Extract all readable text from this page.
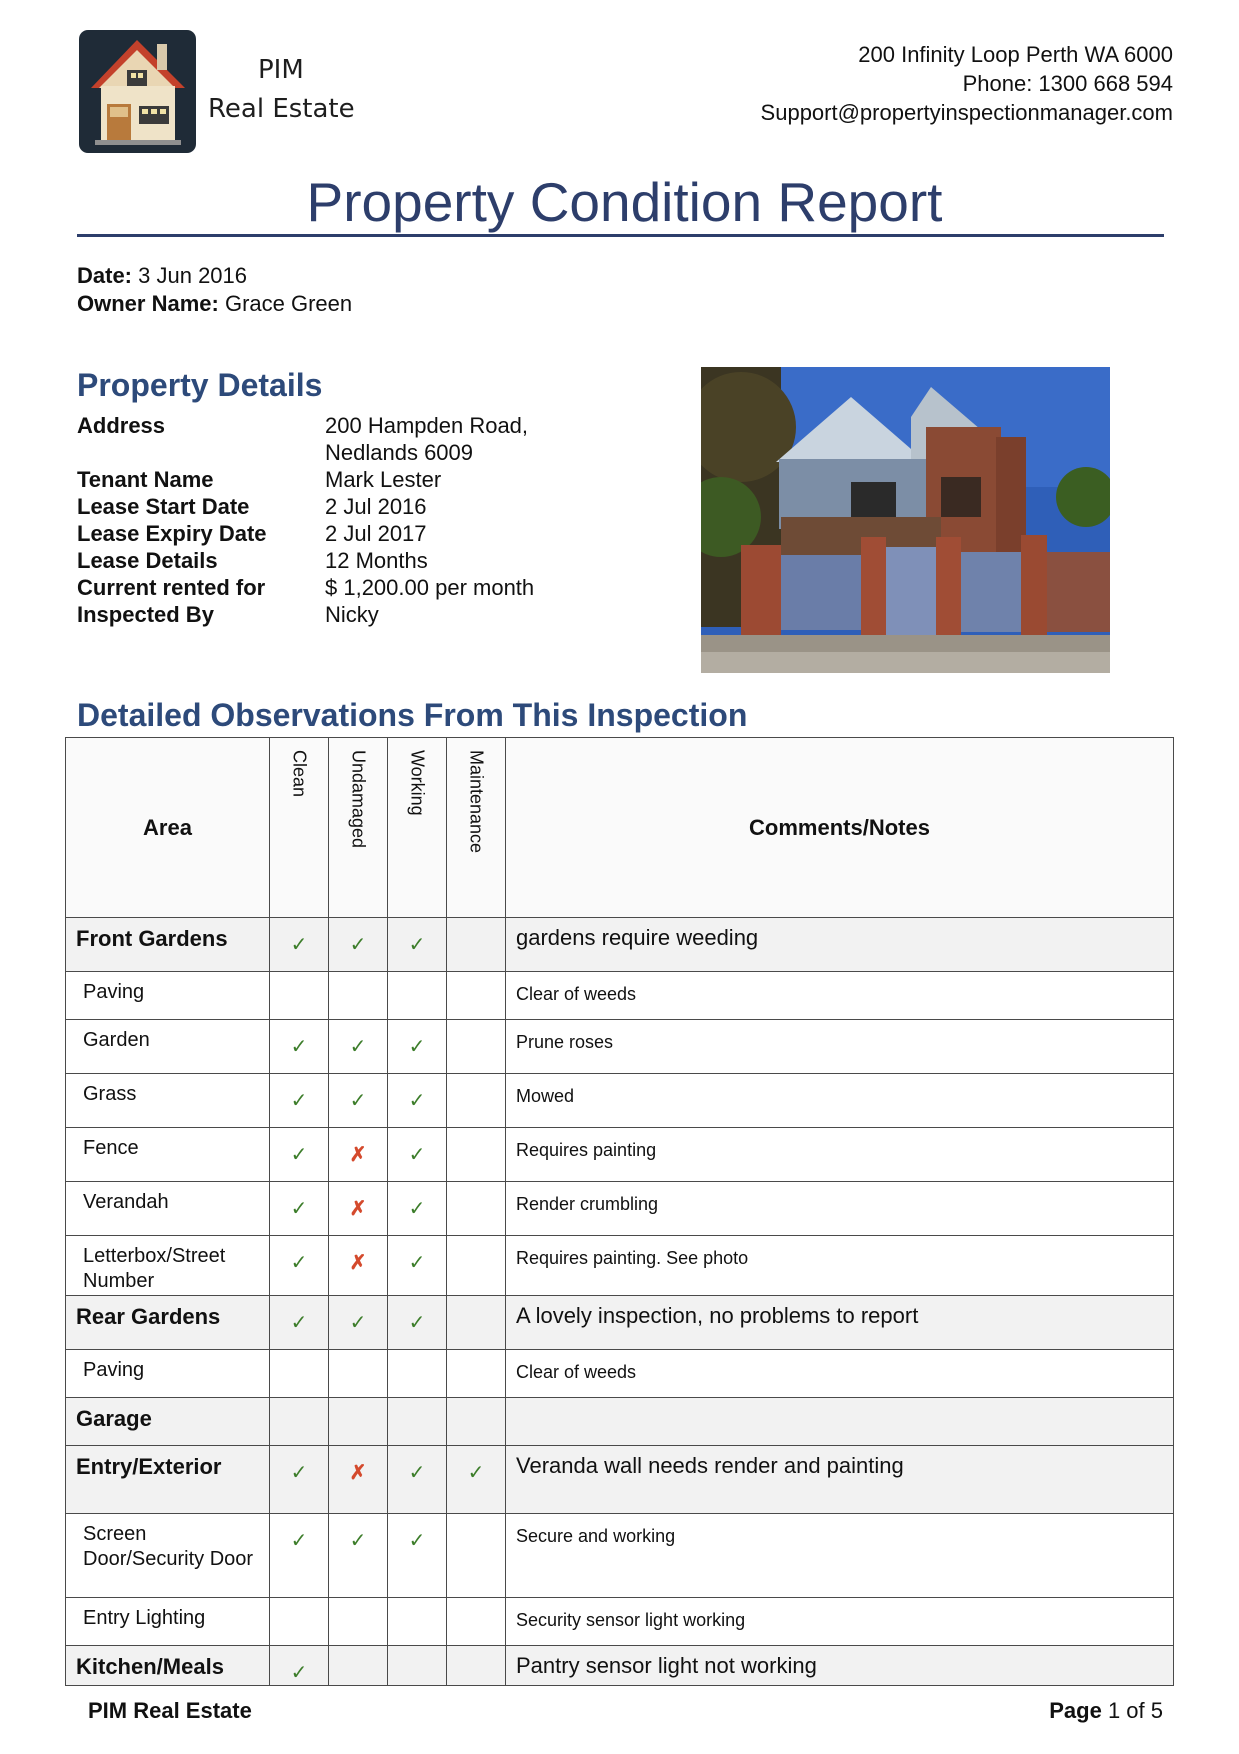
PIM
Real Estate
200 Infinity Loop Perth WA 6000
Phone: 1300 668 594
Support@propertyinspectionmanager.com
Property Condition Report
Date: 3 Jun 2016
Owner Name: Grace Green
Property Details
Address	200 Hampden Road,
Nedlands 6009
Tenant Name	Mark Lester
Lease Start Date	2 Jul 2016
Lease Expiry Date	2 Jul 2017
Lease Details	12 Months
Current rented for	$ 1,200.00 per month
Inspected By	Nicky
Detailed Observations From This Inspection
Area	Clean	Undamaged	Working	Maintenance	Comments/Notes
Front Gardens	✓	✓	✓		gardens require weeding
Paving					Clear of weeds
Garden	✓	✓	✓		Prune roses
Grass	✓	✓	✓		Mowed
Fence	✓	✗	✓		Requires painting
Verandah	✓	✗	✓		Render crumbling
Letterbox/Street Number	✓	✗	✓		Requires painting. See photo
Rear Gardens	✓	✓	✓		A lovely inspection, no problems to report
Paving					Clear of weeds
Garage					
Entry/Exterior	✓	✗	✓	✓	Veranda wall needs render and painting
Screen Door/Security Door	✓	✓	✓		Secure and working
Entry Lighting					Security sensor light working
Kitchen/Meals	✓				Pantry sensor light not working
PIM Real Estate	Page 1 of 5
